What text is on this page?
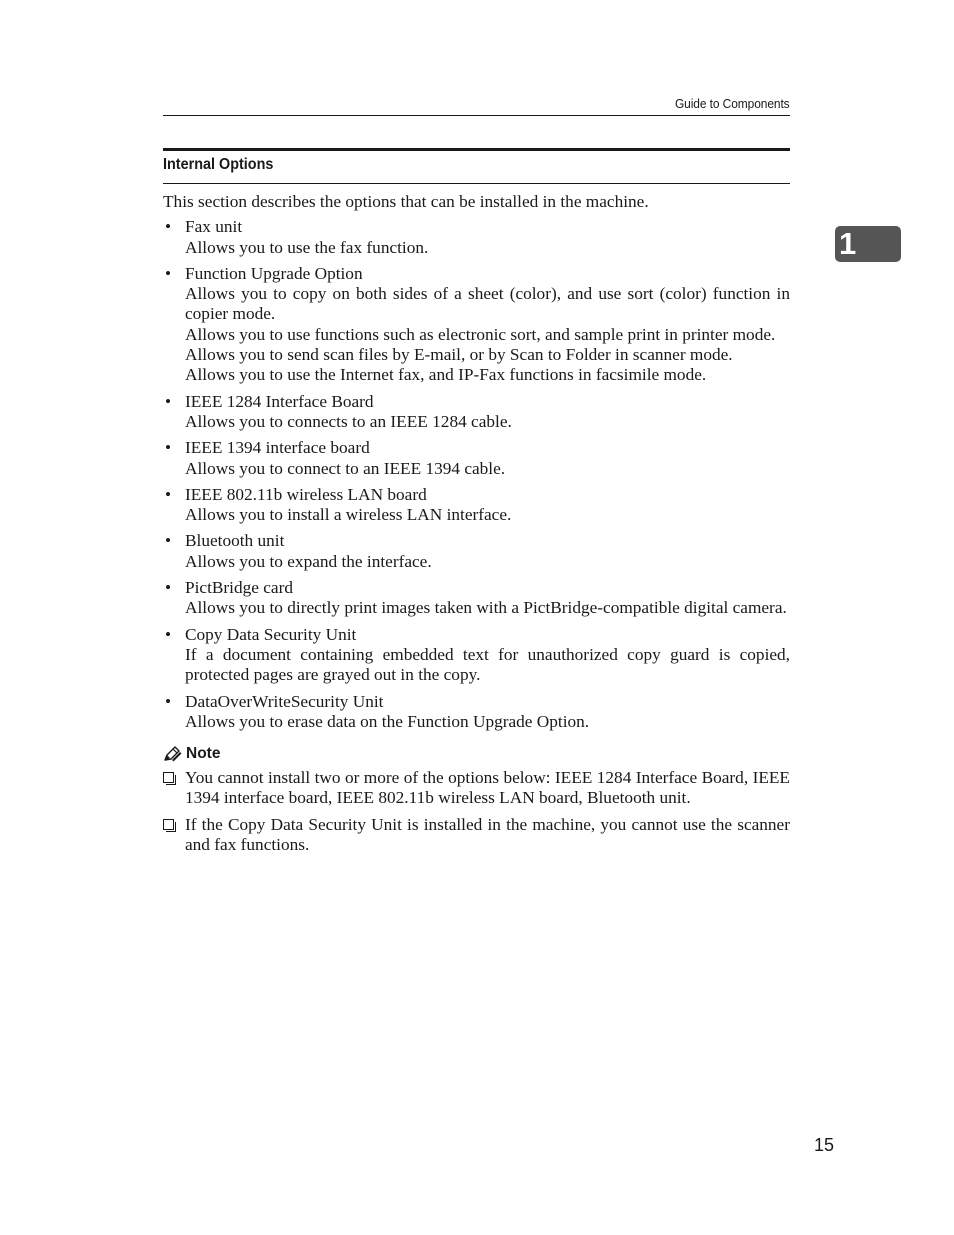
Guide to Components
Internal Options
1

This section describes the options that can be installed in the machine.

• Fax unit
Allows you to use the fax function.
• Function Upgrade Option
Allows you to copy on both sides of a sheet (color), and use sort (color) function in copier mode.
Allows you to use functions such as electronic sort, and sample print in printer mode.
Allows you to send scan files by E-mail, or by Scan to Folder in scanner mode.
Allows you to use the Internet fax, and IP-Fax functions in facsimile mode.
• IEEE 1284 Interface Board
Allows you to connects to an IEEE 1284 cable.
• IEEE 1394 interface board
Allows you to connect to an IEEE 1394 cable.
• IEEE 802.11b wireless LAN board
Allows you to install a wireless LAN interface.
• Bluetooth unit
Allows you to expand the interface.
• PictBridge card
Allows you to directly print images taken with a PictBridge-compatible digital camera.
• Copy Data Security Unit
If a document containing embedded text for unauthorized copy guard is copied, protected pages are grayed out in the copy.
• DataOverWriteSecurity Unit
Allows you to erase data on the Function Upgrade Option.
Note
You cannot install two or more of the options below: IEEE 1284 Interface Board, IEEE 1394 interface board, IEEE 802.11b wireless LAN board, Bluetooth unit.
If the Copy Data Security Unit is installed in the machine, you cannot use the scanner and fax functions.
15
